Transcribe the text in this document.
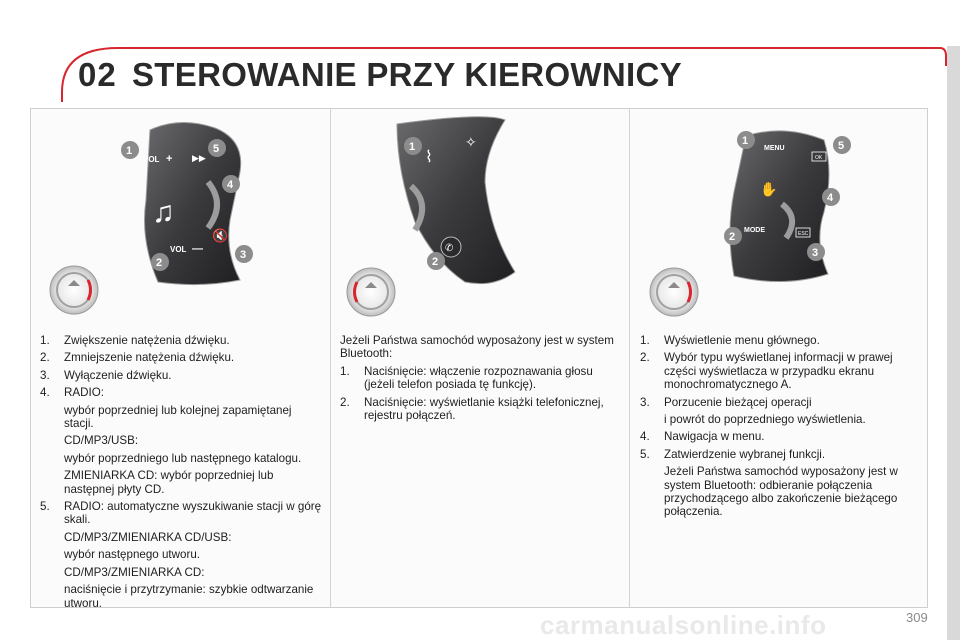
02 STEROWANIE PRZY KIEROWNICY
VOL + ▶▶
♫
🔇
VOL —
1	5
4
3
2
⌇
✧
✆
1
2
MENU
OK
✋
MODE	ESC
1	5
4
2
3
1.	Zwiększenie natężenia dźwięku.
2.	Zmniejszenie natężenia dźwięku.
3.	Wyłączenie dźwięku.
4.	RADIO:
wybór poprzedniej lub kolejnej zapamiętanej stacji.
CD/MP3/USB:
wybór poprzedniego lub następnego katalogu.
ZMIENIARKA CD: wybór poprzedniej lub następnej płyty CD.
5.	RADIO: automatyczne wyszukiwanie stacji w górę skali.
CD/MP3/ZMIENIARKA CD/USB:
wybór następnego utworu.
CD/MP3/ZMIENIARKA CD:
naciśnięcie i przytrzymanie: szybkie odtwarzanie utworu.
Jeżeli Państwa samochód wyposażony jest w system Bluetooth:
1.	Naciśnięcie: włączenie rozpoznawania głosu (jeżeli telefon posiada tę funkcję).
2.	Naciśnięcie: wyświetlanie książki telefonicznej, rejestru połączeń.
1.	Wyświetlenie menu głównego.
2.	Wybór typu wyświetlanej informacji w prawej części wyświetlacza w przypadku ekranu monochromatycznego A.
3.	Porzucenie bieżącej operacji
i powrót do poprzedniego wyświetlenia.
4.	Nawigacja w menu.
5.	Zatwierdzenie wybranej funkcji.
Jeżeli Państwa samochód wyposażony jest w system Bluetooth: odbieranie połączenia przychodzącego albo zakończenie bieżącego połączenia.
carmanualsonline.info	309
